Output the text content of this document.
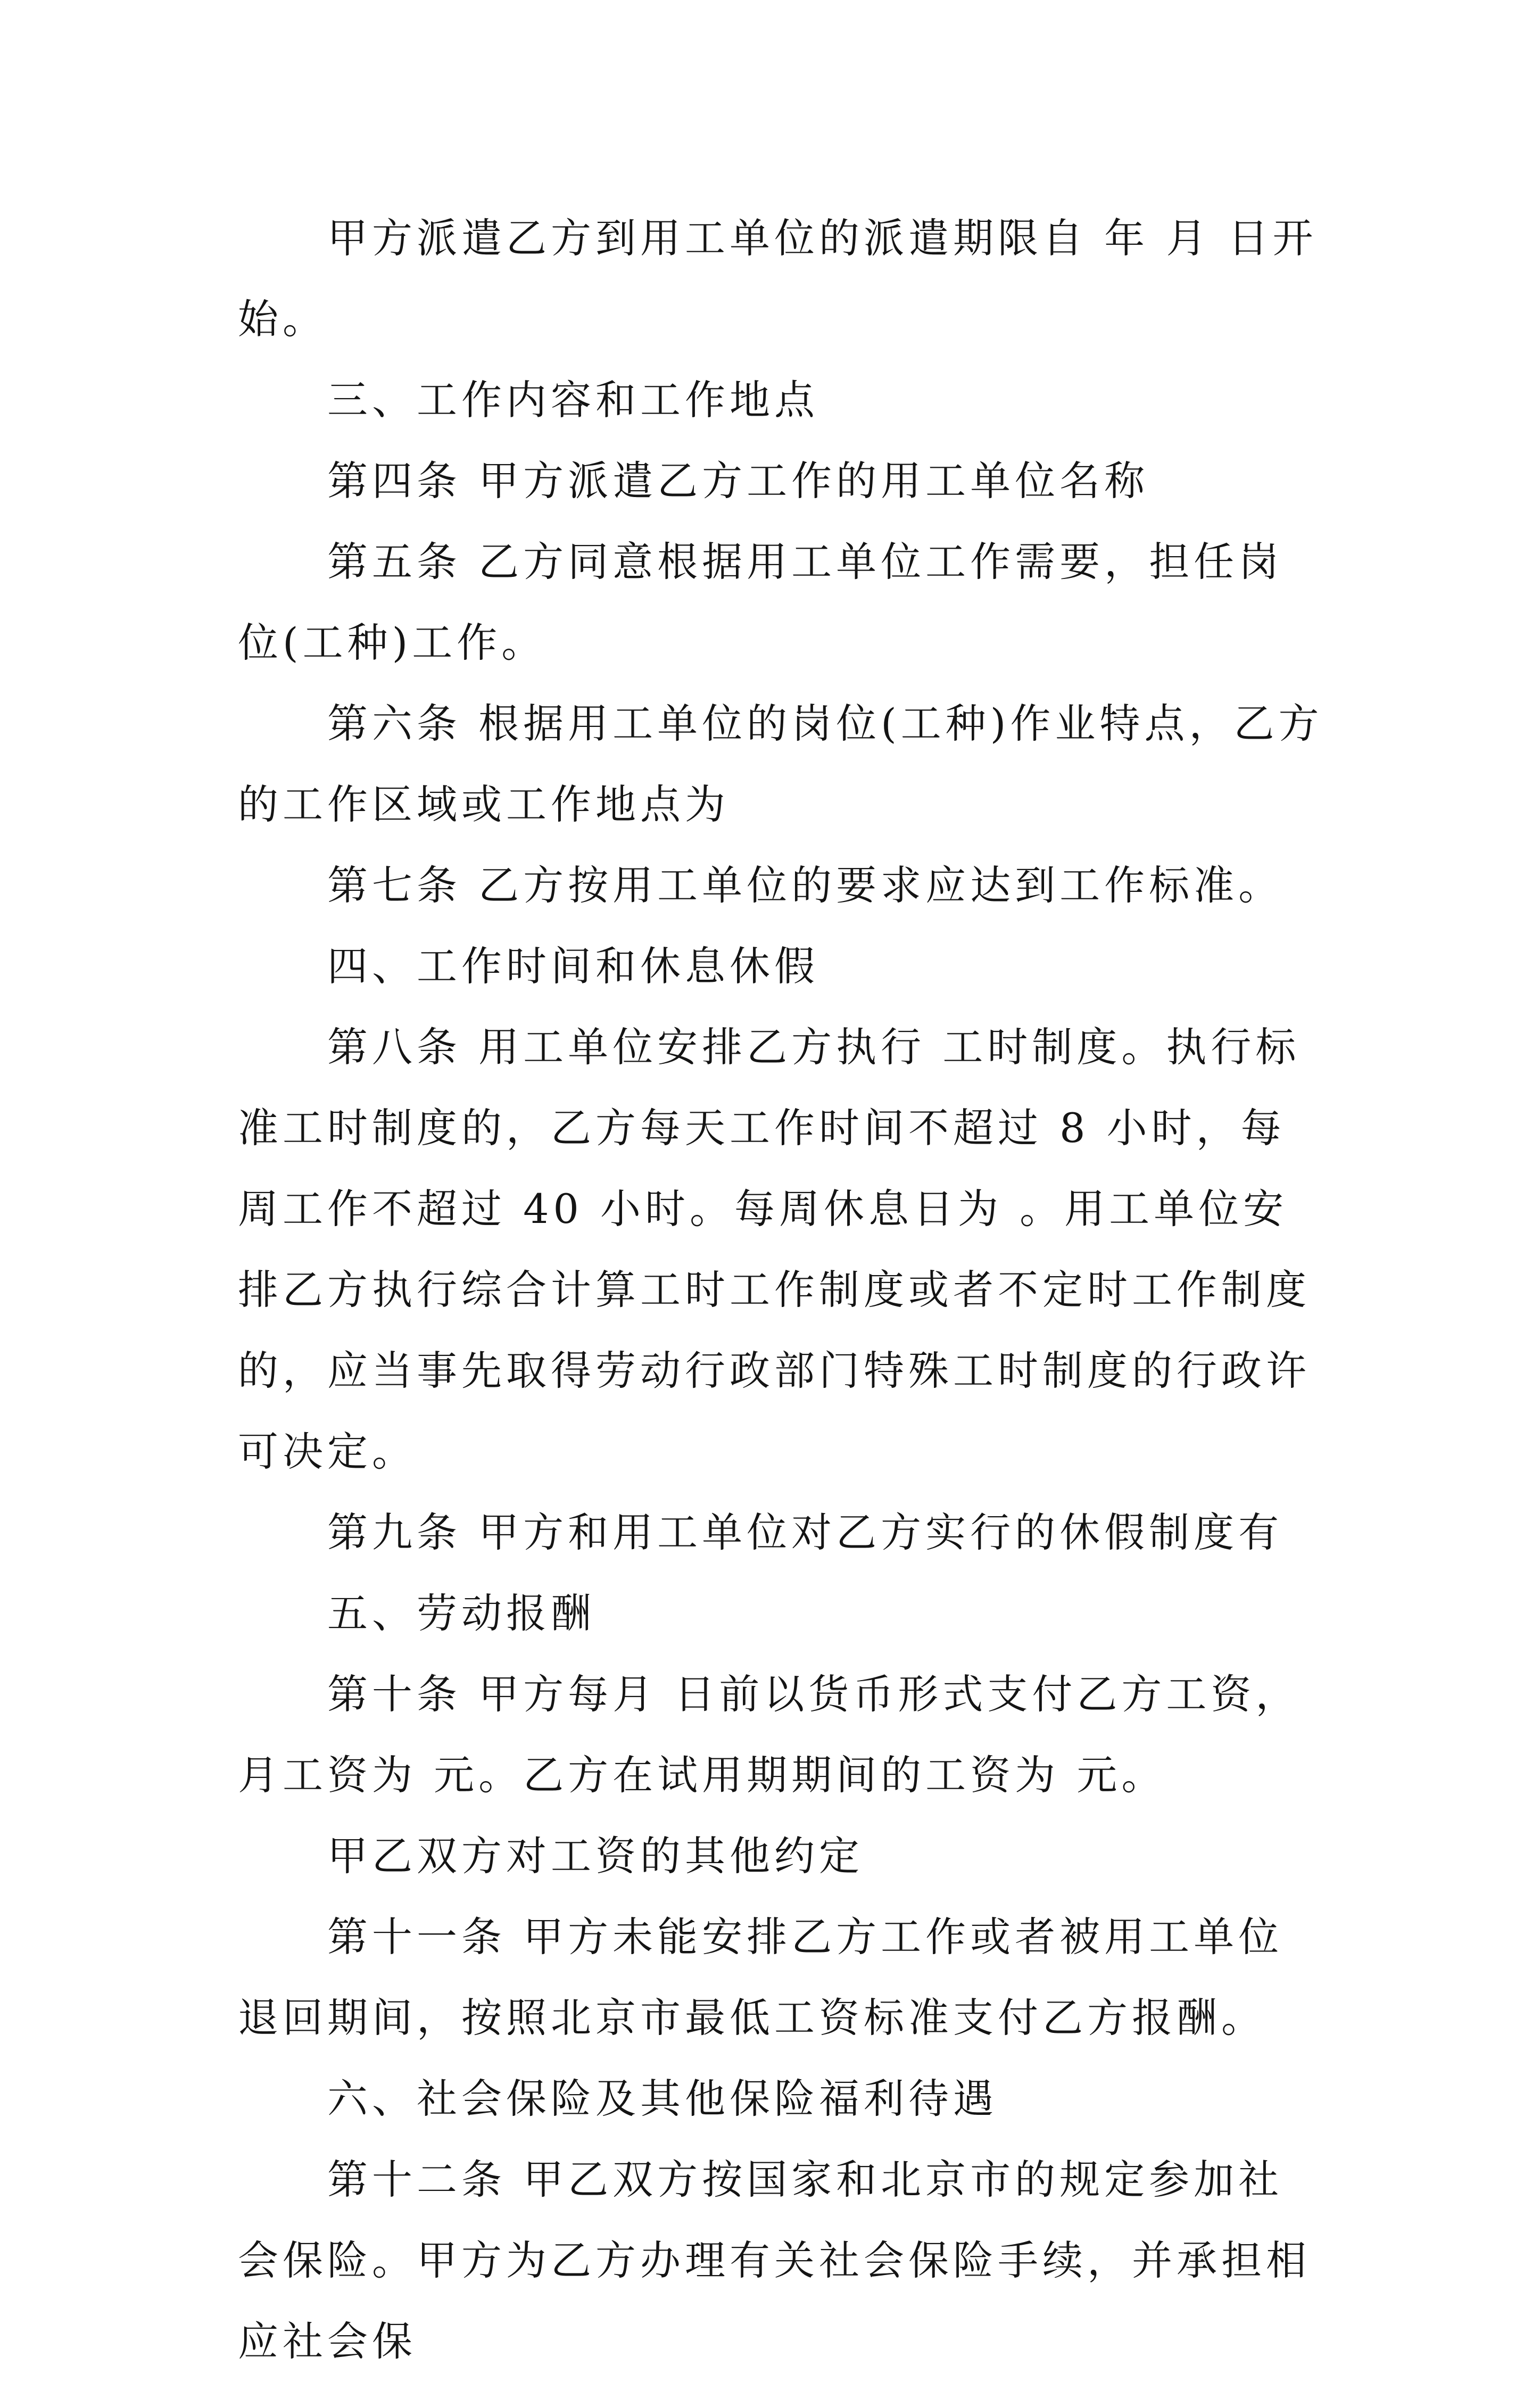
甲方派遣乙方到用工单位的派遣期限自 年 月 日开始。

三、工作内容和工作地点

第四条 甲方派遣乙方工作的用工单位名称

第五条 乙方同意根据用工单位工作需要，担任岗位(工种)工作。

第六条 根据用工单位的岗位(工种)作业特点，乙方的工作区域或工作地点为

第七条 乙方按用工单位的要求应达到工作标准。

四、工作时间和休息休假

第八条 用工单位安排乙方执行 工时制度。执行标准工时制度的，乙方每天工作时间不超过 8 小时，每周工作不超过 40 小时。每周休息日为 。用工单位安排乙方执行综合计算工时工作制度或者不定时工作制度的，应当事先取得劳动行政部门特殊工时制度的行政许可决定。

第九条 甲方和用工单位对乙方实行的休假制度有

五、劳动报酬

第十条 甲方每月 日前以货币形式支付乙方工资，月工资为 元。乙方在试用期期间的工资为 元。

甲乙双方对工资的其他约定

第十一条 甲方未能安排乙方工作或者被用工单位退回期间，按照北京市最低工资标准支付乙方报酬。

六、社会保险及其他保险福利待遇

第十二条 甲乙双方按国家和北京市的规定参加社会保险。甲方为乙方办理有关社会保险手续，并承担相应社会保
